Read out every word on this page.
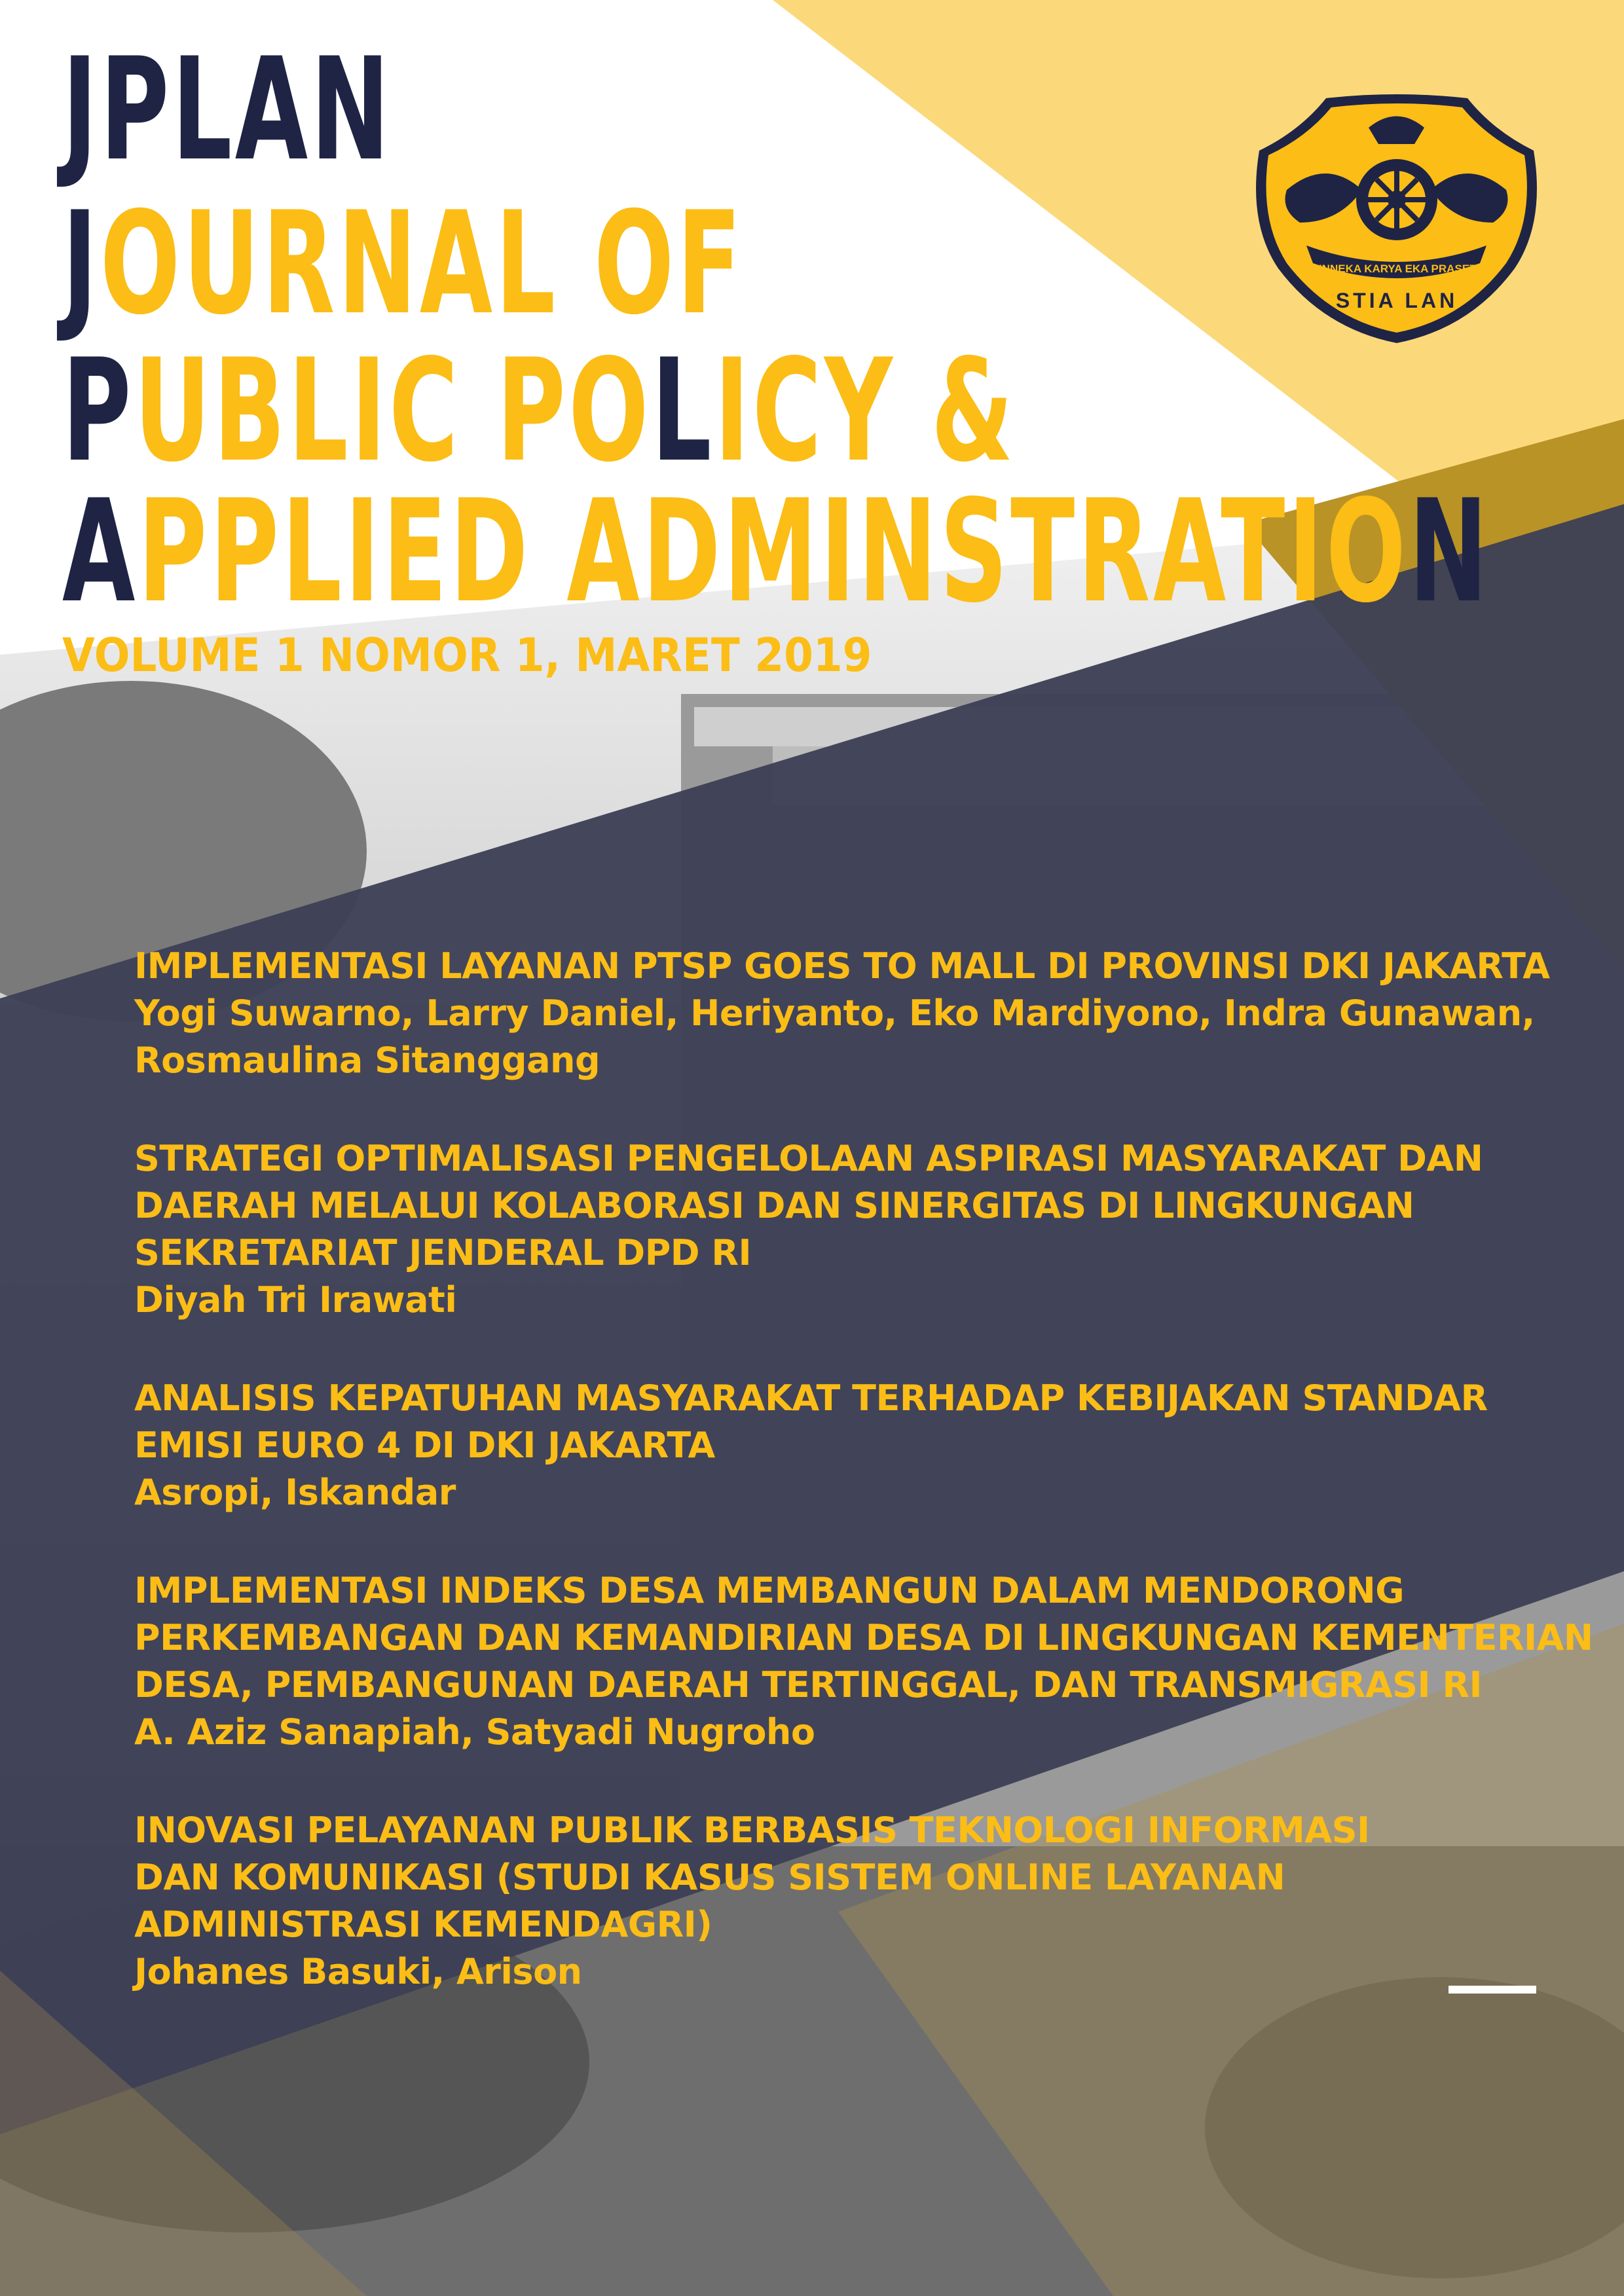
JPLAN
JOURNAL OF
PUBLIC POLICY &
APPLIED ADMINSTRATION
VOLUME 1 NOMOR 1, MARET 2019
BHINNEKA KARYA EKA PRASETYA
STIA LAN
IMPLEMENTASI LAYANAN PTSP GOES TO MALL DI PROVINSI DKI JAKARTA

Yogi Suwarno, Larry Daniel, Heriyanto, Eko Mardiyono, Indra Gunawan,
Rosmaulina Sitanggang

STRATEGI OPTIMALISASI PENGELOLAAN ASPIRASI MASYARAKAT DAN
DAERAH MELALUI KOLABORASI DAN SINERGITAS DI LINGKUNGAN
SEKRETARIAT JENDERAL DPD RI

Diyah Tri Irawati

ANALISIS KEPATUHAN MASYARAKAT TERHADAP KEBIJAKAN STANDAR
EMISI EURO 4 DI DKI JAKARTA

Asropi, Iskandar

IMPLEMENTASI INDEKS DESA MEMBANGUN DALAM MENDORONG
PERKEMBANGAN DAN KEMANDIRIAN DESA DI LINGKUNGAN KEMENTERIAN
DESA, PEMBANGUNAN DAERAH TERTINGGAL, DAN TRANSMIGRASI RI

A. Aziz Sanapiah, Satyadi Nugroho

INOVASI PELAYANAN PUBLIK BERBASIS TEKNOLOGI INFORMASI
DAN KOMUNIKASI (STUDI KASUS SISTEM ONLINE LAYANAN
ADMINISTRASI KEMENDAGRI)

Johanes Basuki, Arison
